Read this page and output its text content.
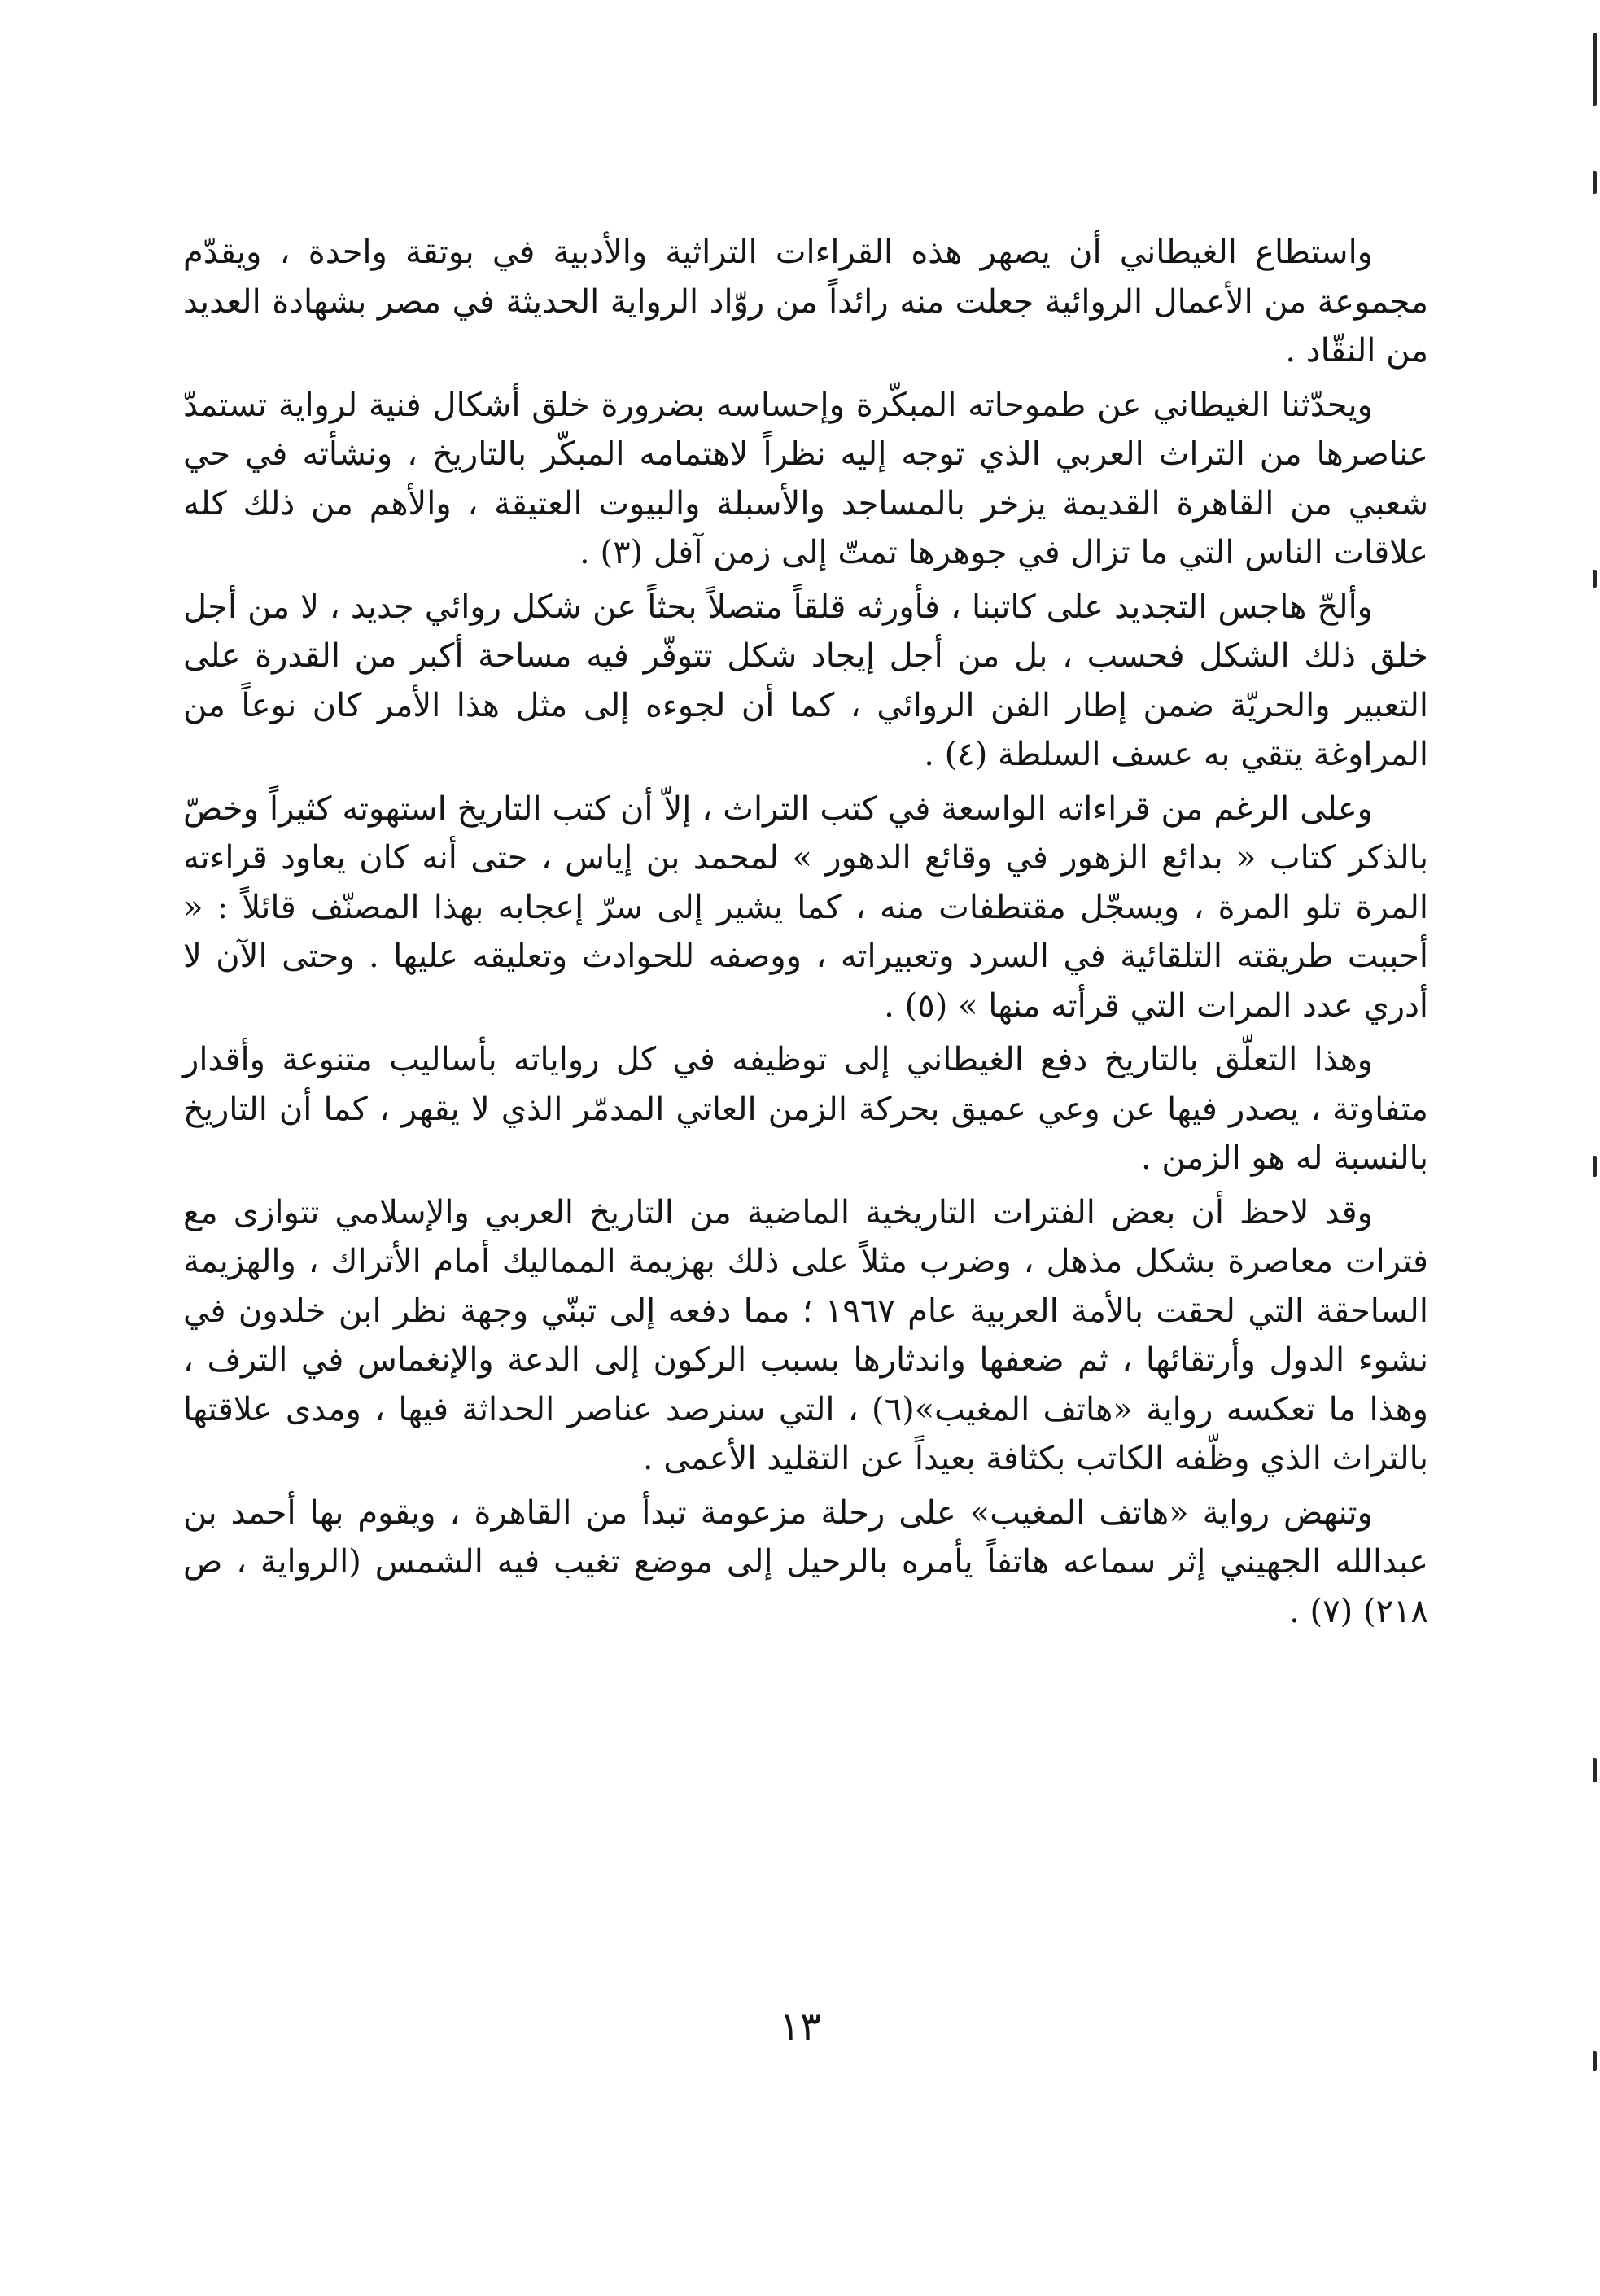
واستطاع الغيطاني أن يصهر هذه القراءات التراثية والأدبية في بوتقة واحدة ، ويقدّم مجموعة من الأعمال الروائية جعلت منه رائداً من روّاد الرواية الحديثة في مصر بشهادة العديد من النقّاد .

ويحدّثنا الغيطاني عن طموحاته المبكّرة وإحساسه بضرورة خلق أشكال فنية لرواية تستمدّ عناصرها من التراث العربي الذي توجه إليه نظراً لاهتمامه المبكّر بالتاريخ ، ونشأته في حي شعبي من القاهرة القديمة يزخر بالمساجد والأسبلة والبيوت العتيقة ، والأهم من ذلك كله علاقات الناس التي ما تزال في جوهرها تمتّ إلى زمن آفل (٣) .

وألحّ هاجس التجديد على كاتبنا ، فأورثه قلقاً متصلاً بحثاً عن شكل روائي جديد ، لا من أجل خلق ذلك الشكل فحسب ، بل من أجل إيجاد شكل تتوفّر فيه مساحة أكبر من القدرة على التعبير والحريّة ضمن إطار الفن الروائي ، كما أن لجوءه إلى مثل هذا الأمر كان نوعاً من المراوغة يتقي به عسف السلطة (٤) .

وعلى الرغم من قراءاته الواسعة في كتب التراث ، إلاّ أن كتب التاريخ استهوته كثيراً وخصّ بالذكر كتاب « بدائع الزهور في وقائع الدهور » لمحمد بن إياس ، حتى أنه كان يعاود قراءته المرة تلو المرة ، ويسجّل مقتطفات منه ، كما يشير إلى سرّ إعجابه بهذا المصنّف قائلاً : « أحببت طريقته التلقائية في السرد وتعبيراته ، ووصفه للحوادث وتعليقه عليها . وحتى الآن لا أدري عدد المرات التي قرأته منها » (٥) .

وهذا التعلّق بالتاريخ دفع الغيطاني إلى توظيفه في كل رواياته بأساليب متنوعة وأقدار متفاوتة ، يصدر فيها عن وعي عميق بحركة الزمن العاتي المدمّر الذي لا يقهر ، كما أن التاريخ بالنسبة له هو الزمن .

وقد لاحظ أن بعض الفترات التاريخية الماضية من التاريخ العربي والإسلامي تتوازى مع فترات معاصرة بشكل مذهل ، وضرب مثلاً على ذلك بهزيمة المماليك أمام الأتراك ، والهزيمة الساحقة التي لحقت بالأمة العربية عام ١٩٦٧ ؛ مما دفعه إلى تبنّي وجهة نظر ابن خلدون في نشوء الدول وأرتقائها ، ثم ضعفها واندثارها بسبب الركون إلى الدعة والإنغماس في الترف ، وهذا ما تعكسه رواية «هاتف المغيب»(٦) ، التي سنرصد عناصر الحداثة فيها ، ومدى علاقتها بالتراث الذي وظّفه الكاتب بكثافة بعيداً عن التقليد الأعمى .

وتنهض رواية «هاتف المغيب» على رحلة مزعومة تبدأ من القاهرة ، ويقوم بها أحمد بن عبدالله الجهيني إثر سماعه هاتفاً يأمره بالرحيل إلى موضع تغيب فيه الشمس (الرواية ، ص ٢١٨) (٧) .

١٣
